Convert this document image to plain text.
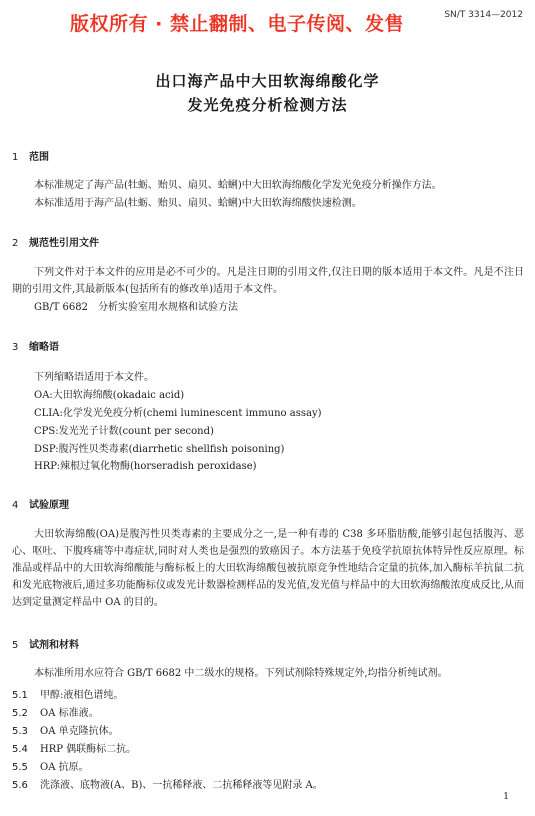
SN/T 3314—2012
版权所有 · 禁止翻制、电子传阅、发售
出口海产品中大田软海绵酸化学
发光免疫分析检测方法
1 范围
本标准规定了海产品(牡蛎、贻贝、扇贝、蛤蜊)中大田软海绵酸化学发光免疫分析操作方法。
本标准适用于海产品(牡蛎、贻贝、扇贝、蛤蜊)中大田软海绵酸快速检测。
2 规范性引用文件
下列文件对于本文件的应用是必不可少的。凡是注日期的引用文件,仅注日期的版本适用于本文件。凡是不注日期的引用文件,其最新版本(包括所有的修改单)适用于本文件。
GB/T 6682　分析实验室用水规格和试验方法
3 缩略语
下列缩略语适用于本文件。
OA:大田软海绵酸(okadaic acid)
CLIA:化学发光免疫分析(chemi luminescent immuno assay)
CPS:发光光子计数(count per second)
DSP:腹泻性贝类毒素(diarrhetic shellfish poisoning)
HRP:辣根过氧化物酶(horseradish peroxidase)
4 试验原理
大田软海绵酸(OA)是腹泻性贝类毒素的主要成分之一,是一种有毒的 C38 多环脂肪酸,能够引起包括腹泻、恶心、呕吐、下腹疼痛等中毒症状,同时对人类也是强烈的致癌因子。本方法基于免疫学抗原抗体特异性反应原理。标准品或样品中的大田软海绵酸能与酶标板上的大田软海绵酸包被抗原竞争性地结合定量的抗体,加入酶标羊抗鼠二抗和发光底物液后,通过多功能酶标仪或发光计数器检测样品的发光值,发光值与样品中的大田软海绵酸浓度成反比,从而达到定量测定样品中 OA 的目的。
5 试剂和材料
本标准所用水应符合 GB/T 6682 中二级水的规格。下列试剂除特殊规定外,均指分析纯试剂。
5.1 甲醇:液相色谱纯。
5.2 OA 标准液。
5.3 OA 单克隆抗体。
5.4 HRP 偶联酶标二抗。
5.5 OA 抗原。
5.6 洗涤液、底物液(A、B)、一抗稀释液、二抗稀释液等见附录 A。
1
